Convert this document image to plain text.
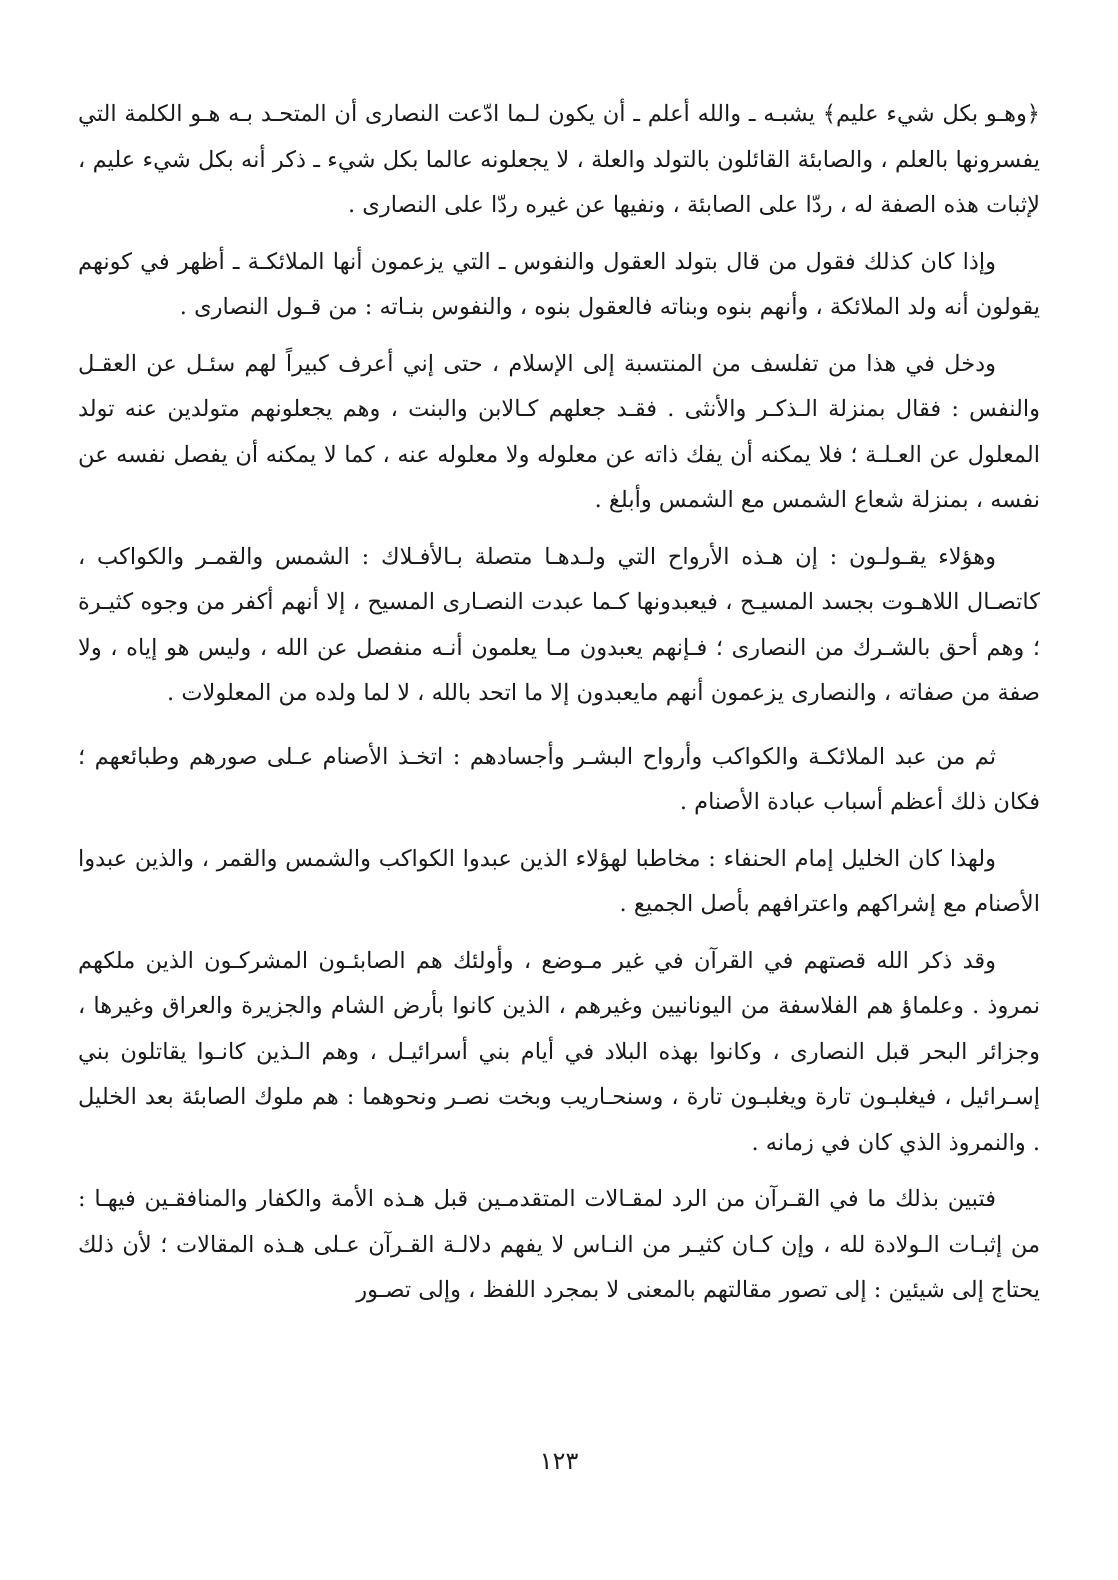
﴿وهـو بكل شيء عليم﴾ يشبـه ـ والله أعلم ـ أن يكون لـما ادّعت النصارى أن المتحـد بـه هـو الكلمة التي يفسرونها بالعلم ، والصابئة القائلون بالتولد والعلة ، لا يجعلونه عالما بكل شيء ـ ذكر أنه بكل شيء عليم ، لإثبات هذه الصفة له ، ردّا على الصابئة ، ونفيها عن غيره ردّا على النصارى .

وإذا كان كذلك فقول من قال بتولد العقول والنفوس ـ التي يزعمون أنها الملائكـة ـ أظهر في كونهم يقولون أنه ولد الملائكة ، وأنهم بنوه وبناته فالعقول بنوه ، والنفوس بنـاته : من قـول النصارى .

ودخل في هذا من تفلسف من المنتسبة إلى الإسلام ، حتى إني أعرف كبيراً لهم سئـل عن العقـل والنفس : فقال بمنزلة الـذكـر والأنثى . فقـد جعلهم كـالابن والبنت ، وهم يجعلونهم متولدين عنه تولد المعلول عن العـلـة ؛ فلا يمكنه أن يفك ذاته عن معلوله ولا معلوله عنه ، كما لا يمكنه أن يفصل نفسه عن نفسه ، بمنزلة شعاع الشمس مع الشمس وأبلغ .

وهؤلاء يقـولـون : إن هـذه الأرواح التي ولـدهـا متصلة بـالأفـلاك : الشمس والقمـر والكواكب ، كاتصـال اللاهـوت بجسد المسيـح ، فيعبدونها كـما عبدت النصـارى المسيح ، إلا أنهم أكفر من وجوه كثيـرة ؛ وهم أحق بالشـرك من النصارى ؛ فـإنهم يعبدون مـا يعلمون أنـه منفصل عن الله ، وليس هو إياه ، ولا صفة من صفاته ، والنصارى يزعمون أنهم مايعبدون إلا ما اتحد بالله ، لا لما ولده من المعلولات .

ثم من عبد الملائكـة والكواكب وأرواح البشـر وأجسادهم : اتخـذ الأصنام عـلى صورهم وطبائعهم ؛ فكان ذلك أعظم أسباب عبادة الأصنام .

ولهذا كان الخليل إمام الحنفاء : مخاطبا لهؤلاء الذين عبدوا الكواكب والشمس والقمر ، والذين عبدوا الأصنام مع إشراكهم واعترافهم بأصل الجميع .

وقد ذكر الله قصتهم في القرآن في غير مـوضع ، وأولئك هم الصابئـون المشركـون الذين ملكهم نمروذ . وعلماؤ هم الفلاسفة من اليونانيين وغيرهم ، الذين كانوا بأرض الشام والجزيرة والعراق وغيرها ، وجزائر البحر قبل النصارى ، وكانوا بهذه البلاد في أيام بني أسرائيـل ، وهم الـذين كانـوا يقاتلون بني إسـرائيل ، فيغلبـون تارة ويغلبـون تارة ، وسنحـاريب وبخت نصـر ونحوهما : هم ملوك الصابئة بعد الخليل . والنمروذ الذي كان في زمانه .

فتبين بذلك ما في القـرآن من الرد لمقـالات المتقدمـين قبل هـذه الأمة والكفار والمنافقـين فيهـا : من إثبـات الـولادة لله ، وإن كـان كثيـر من النـاس لا يفهم دلالـة القـرآن عـلى هـذه المقالات ؛ لأن ذلك يحتاج إلى شيئين : إلى تصور مقالتهم بالمعنى لا بمجرد اللفظ ، وإلى تصـور

١٢٣
